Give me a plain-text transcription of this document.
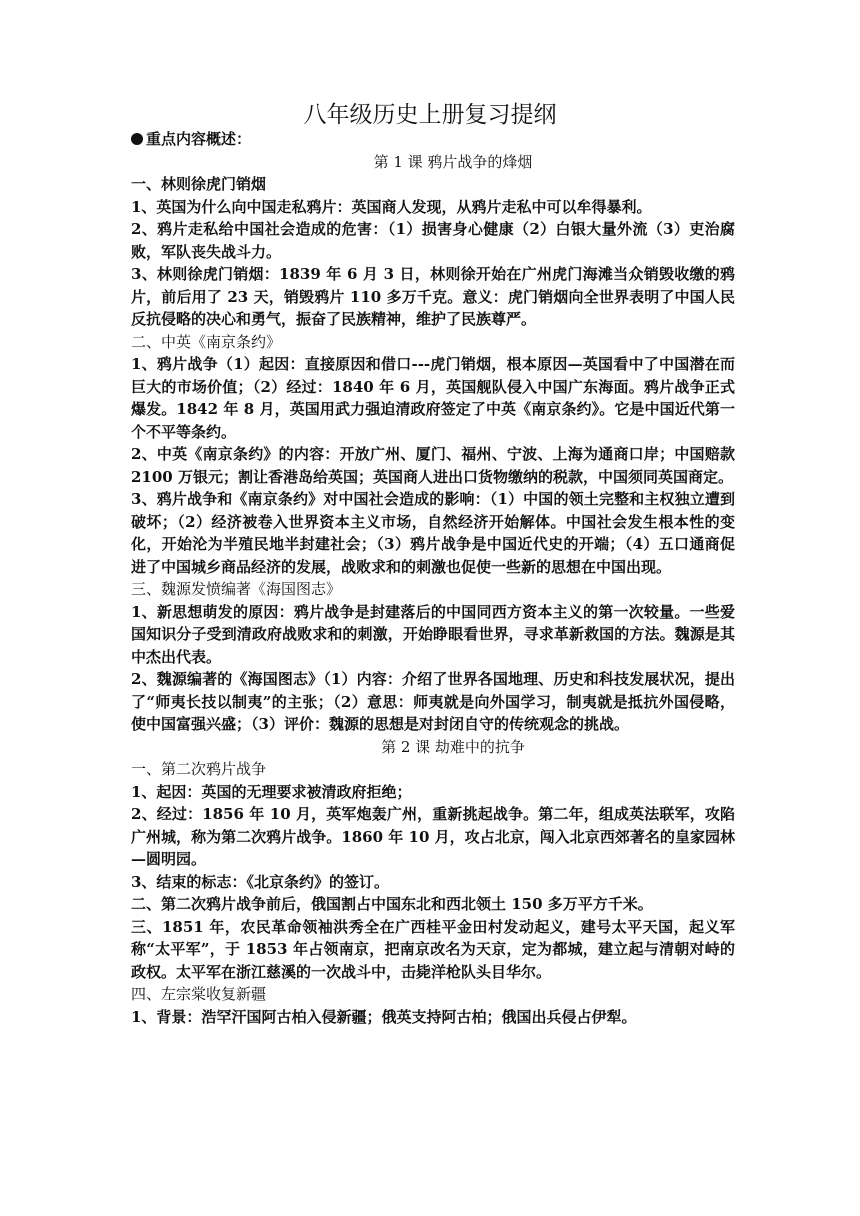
八年级历史上册复习提纲

重点内容概述：

第 1 课 鸦片战争的烽烟

一、林则徐虎门销烟

1、英国为什么向中国走私鸦片：英国商人发现，从鸦片走私中可以牟得暴利。

2、鸦片走私给中国社会造成的危害：（1）损害身心健康（2）白银大量外流（3）吏治腐败，军队丧失战斗力。

3、林则徐虎门销烟：1839 年 6 月 3 日，林则徐开始在广州虎门海滩当众销毁收缴的鸦片，前后用了 23 天，销毁鸦片 110 多万千克。意义：虎门销烟向全世界表明了中国人民反抗侵略的决心和勇气，振奋了民族精神，维护了民族尊严。

二、中英《南京条约》

1、鸦片战争（1）起因：直接原因和借口---虎门销烟，根本原因—英国看中了中国潜在而巨大的市场价值；（2）经过：1840 年 6 月，英国舰队侵入中国广东海面。鸦片战争正式爆发。1842 年 8 月，英国用武力强迫清政府签定了中英《南京条约》。它是中国近代第一个不平等条约。

2、中英《南京条约》的内容：开放广州、厦门、福州、宁波、上海为通商口岸；中国赔款 2100 万银元；割让香港岛给英国；英国商人进出口货物缴纳的税款，中国须同英国商定。

3、鸦片战争和《南京条约》对中国社会造成的影响：（1）中国的领土完整和主权独立遭到破坏；（2）经济被卷入世界资本主义市场，自然经济开始解体。中国社会发生根本性的变化，开始沦为半殖民地半封建社会；（3）鸦片战争是中国近代史的开端；（4）五口通商促进了中国城乡商品经济的发展，战败求和的刺激也促使一些新的思想在中国出现。

三、魏源发愤编著《海国图志》

1、新思想萌发的原因：鸦片战争是封建落后的中国同西方资本主义的第一次较量。一些爱国知识分子受到清政府战败求和的刺激，开始睁眼看世界，寻求革新救国的方法。魏源是其中杰出代表。

2、魏源编著的《海国图志》（1）内容：介绍了世界各国地理、历史和科技发展状况，提出了“师夷长技以制夷”的主张；（2）意思：师夷就是向外国学习，制夷就是抵抗外国侵略，使中国富强兴盛；（3）评价：魏源的思想是对封闭自守的传统观念的挑战。

第 2 课 劫难中的抗争

一、第二次鸦片战争

1、起因：英国的无理要求被清政府拒绝；

2、经过：1856 年 10 月，英军炮轰广州，重新挑起战争。第二年，组成英法联军，攻陷广州城，称为第二次鸦片战争。1860 年 10 月，攻占北京，闯入北京西郊著名的皇家园林—圆明园。

3、结束的标志：《北京条约》的签订。

二、第二次鸦片战争前后，俄国割占中国东北和西北领土 150 多万平方千米。

三、1851 年，农民革命领袖洪秀全在广西桂平金田村发动起义，建号太平天国，起义军称“太平军”，于 1853 年占领南京，把南京改名为天京，定为都城，建立起与清朝对峙的政权。太平军在浙江慈溪的一次战斗中，击毙洋枪队头目华尔。

四、左宗棠收复新疆

1、背景：浩罕汗国阿古柏入侵新疆；俄英支持阿古柏；俄国出兵侵占伊犁。
